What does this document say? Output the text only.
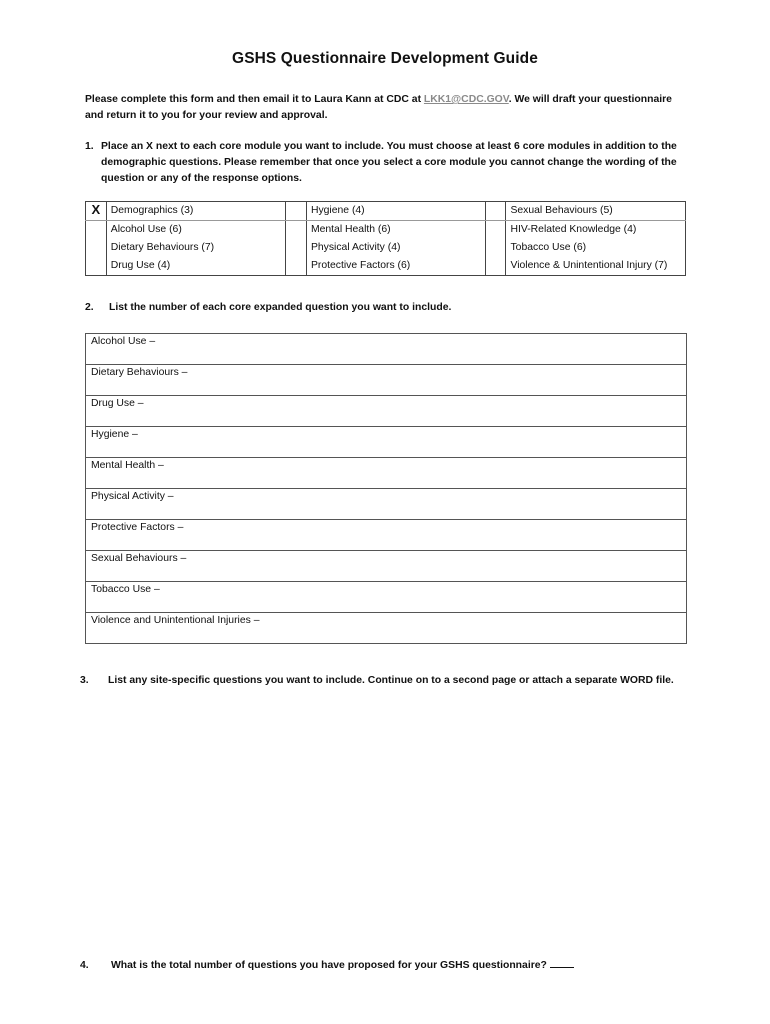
GSHS Questionnaire Development Guide
Please complete this form and then email it to Laura Kann at CDC at LKK1@CDC.GOV. We will draft your questionnaire and return it to you for your review and approval.
1. Place an X next to each core module you want to include. You must choose at least 6 core modules in addition to the demographic questions. Please remember that once you select a core module you cannot change the wording of the question or any of the response options.
X	Demographics (3)		Hygiene (4)		Sexual Behaviours (5)
	Alcohol Use (6)		Mental Health (6)		HIV-Related Knowledge (4)
	Dietary Behaviours (7)		Physical Activity (4)		Tobacco Use (6)
	Drug Use (4)		Protective Factors (6)		Violence & Unintentional Injury (7)
2. List the number of each core expanded question you want to include.
Alcohol Use –
Dietary Behaviours –
Drug Use –
Hygiene –
Mental Health –
Physical Activity –
Protective Factors –
Sexual Behaviours –
Tobacco Use –
Violence and Unintentional Injuries –
3.	List any site-specific questions you want to include. Continue on to a second page or attach a separate WORD file.
4. What is the total number of questions you have proposed for your GSHS questionnaire?
